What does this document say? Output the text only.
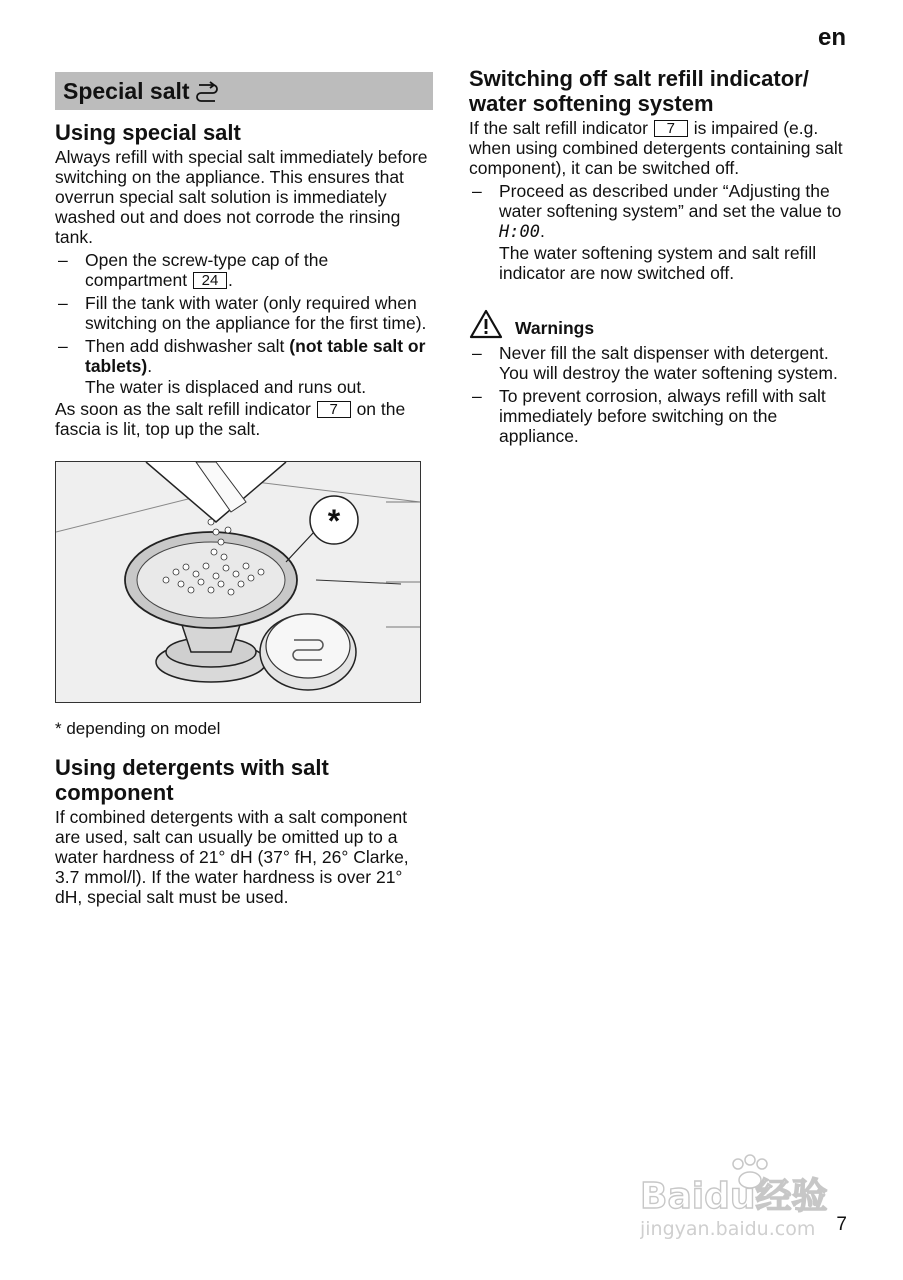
en
Special salt
Using special salt

Always refill with special salt immediately before switching on the appliance. This ensures that overrun special salt solution is immediately washed out and does not corrode the rinsing tank.

– Open the screw-type cap of the compartment 24 .
– Fill the tank with water (only required when switching on the appliance for the first time).
– Then add dishwasher salt (not table salt or tablets).
The water is displaced and runs out.

As soon as the salt refill indicator 7 on the fascia is lit, top up the salt.

*
* depending on model
Using detergents with salt component

If combined detergents with a salt component are used, salt can usually be omitted up to a water hardness of 21° dH (37° fH, 26° Clarke, 3.7 mmol/l). If the water hardness is over 21° dH, special salt must be used.

Switching off salt refill indicator/ water softening system

If the salt refill indicator 7 is impaired (e.g. when using combined detergents containing salt component), it can be switched off.

– Proceed as described under “Adjusting the water softening system” and set the value to H:00.
The water softening system and salt refill indicator are now switched off.
Warnings
– Never fill the salt dispenser with detergent. You will destroy the water softening system.
– To prevent corrosion, always refill with salt immediately before switching on the appliance.
Baidu经验
jingyan.baidu.com 7
